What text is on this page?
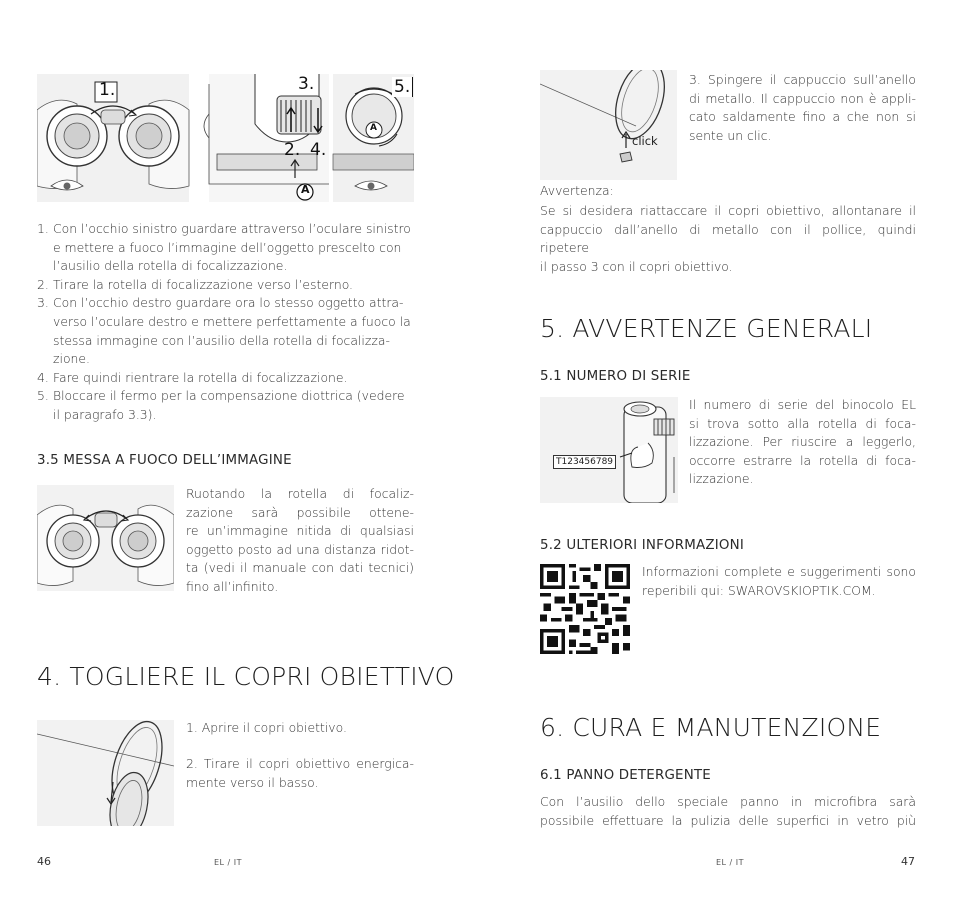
1.	3.	5.
2. 4.
A
A
1. Con l’occhio sinistro guardare attraverso l’oculare sinistro
e mettere a fuoco l’immagine dell’oggetto prescelto con
l’ausilio della rotella di focalizzazione.
2. Tirare la rotella di focalizzazione verso l’esterno.
3. Con l’occhio destro guardare ora lo stesso oggetto attra-
verso l’oculare destro e mettere perfettamente a fuoco la
stessa immagine con l’ausilio della rotella di focalizza-
zione.
4. Fare quindi rientrare la rotella di focalizzazione.
5. Bloccare il fermo per la compensazione diottrica (vedere
il paragrafo 3.3).
3.5 MESSA A FUOCO DELL’IMMAGINE
Ruotando la rotella di focaliz-
zazione sarà possibile ottene-
re un’immagine nitida di qualsiasi
oggetto posto ad una distanza ridot-
ta (vedi il manuale con dati tecnici)
fino all’infinito.
4. TOGLIERE IL COPRI OBIETTIVO
1. Aprire il copri obiettivo.
2. Tirare il copri obiettivo energica-
mente verso il basso.
46	EL / IT
click
3. Spingere il cappuccio sull’anello
di metallo. Il cappuccio non è appli-
cato saldamente fino a che non si
sente un clic.
Avvertenza:
Se si desidera riattaccare il copri obiettivo, allontanare il
cappuccio dall’anello di metallo con il pollice, quindi ripetere
il passo 3 con il copri obiettivo.
5. AVVERTENZE GENERALI
5.1 NUMERO DI SERIE
T123456789
Il numero di serie del binocolo EL
si trova sotto alla rotella di foca-
lizzazione. Per riuscire a leggerlo,
occorre estrarre la rotella di foca-
lizzazione.
5.2 ULTERIORI INFORMAZIONI
Informazioni complete e suggerimenti sono
reperibili qui: SWAROVSKIOPTIK.COM.
6. CURA E MANUTENZIONE
6.1 PANNO DETERGENTE
Con l’ausilio dello speciale panno in microfibra sarà
possibile effettuare la pulizia delle superfici in vetro più
EL / IT	47
